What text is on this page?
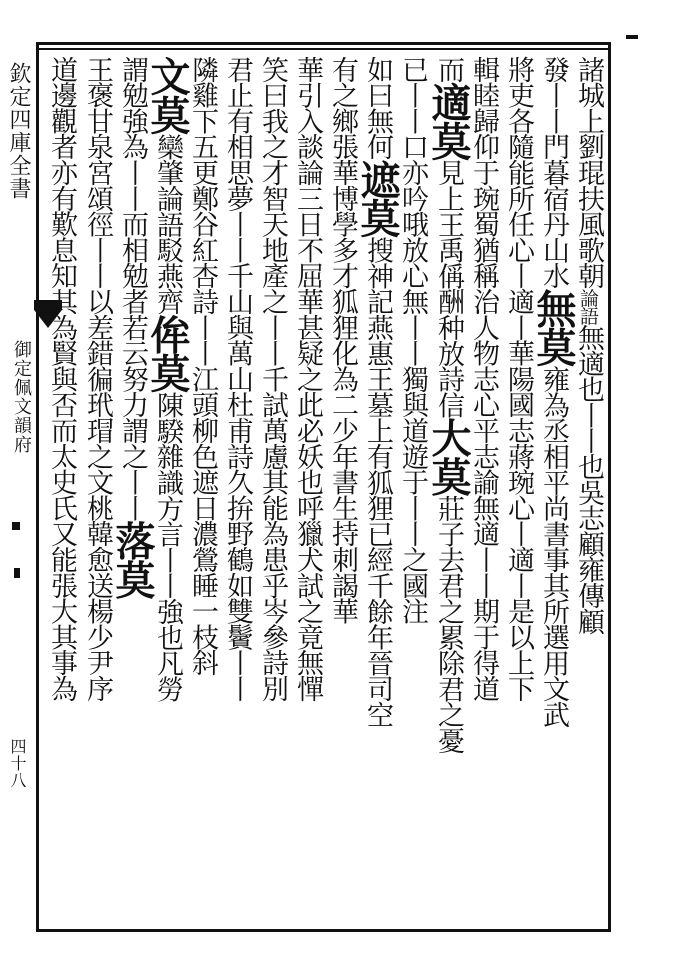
欽定四庫全書
御定佩文韻府
四十八
諸城上劉琨扶風歌朝論語無適也丨丨也吳志顧雍傳顧
發丨丨門暮宿丹山水無莫雍為丞相平尚書事其所選用文武
將吏各隨能所任心丨適丨華陽國志蔣琬心丨適丨是以上下
輯睦歸仰于琬蜀猶稱治人物志心平志諭無適丨丨期于得道
而適莫見上王禹偁酬种放詩信大莫莊子去君之累除君之憂
已丨丨口亦吟哦放心無丨丨獨與道遊于丨丨之國注
如曰無何遮莫搜神記燕惠王墓上有狐狸已經千餘年晉司空
有之鄉張華博學多才狐狸化為二少年書生持刺謁華
華引入談論三日不屈華甚疑之此必妖也呼獵犬試之竟無憚
笑曰我之才智天地產之丨丨千試萬慮其能為患乎岑參詩別
君止有相思夢丨丨千山與萬山杜甫詩久拚野鶴如雙鬢丨丨
隣雞下五更鄭谷紅杏詩丨丨江頭柳色遮日濃鶯睡一枝斜
文莫欒肇論語駁燕齊侔莫陳騤雜識方言丨丨強也凡勞
謂勉強為丨丨而相勉者若云努力謂之丨丨落莫
王褒甘泉宮頌徑丨丨以差錯徧玳瑁之文桃韓愈送楊少尹序
道邊觀者亦有歎息知其為賢與否而太史氏又能張大其事為
